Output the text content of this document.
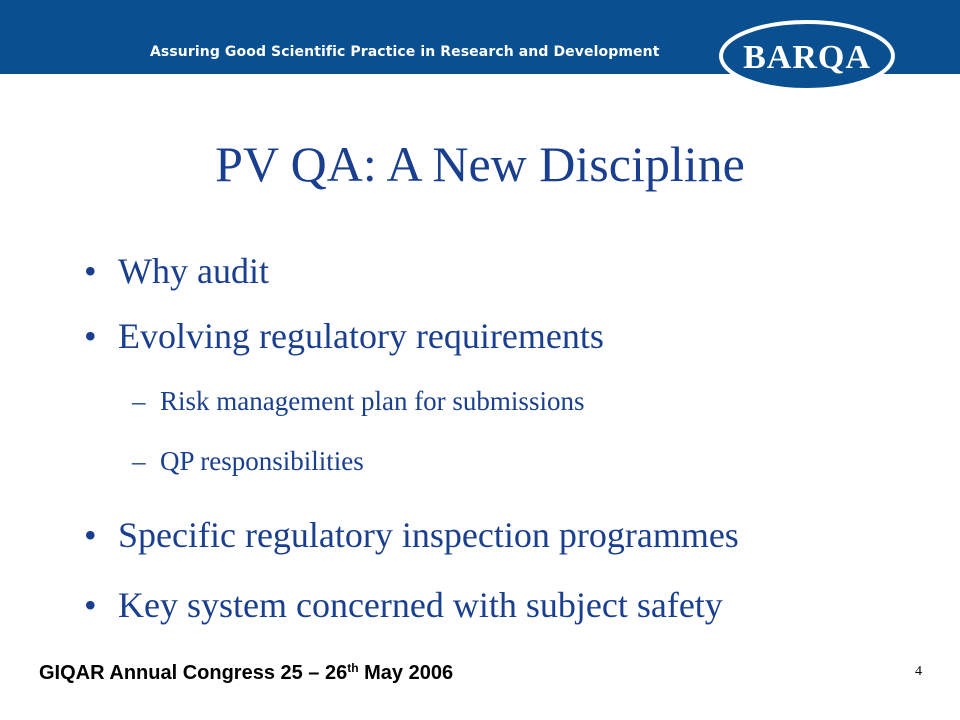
Assuring Good Scientific Practice in Research and Development BARQA
PV QA: A New Discipline
• Why audit
• Evolving regulatory requirements
– Risk management plan for submissions
– QP responsibilities
• Specific regulatory inspection programmes
• Key system concerned with subject safety
GIQAR Annual Congress 25 – 26th May 2006	4
